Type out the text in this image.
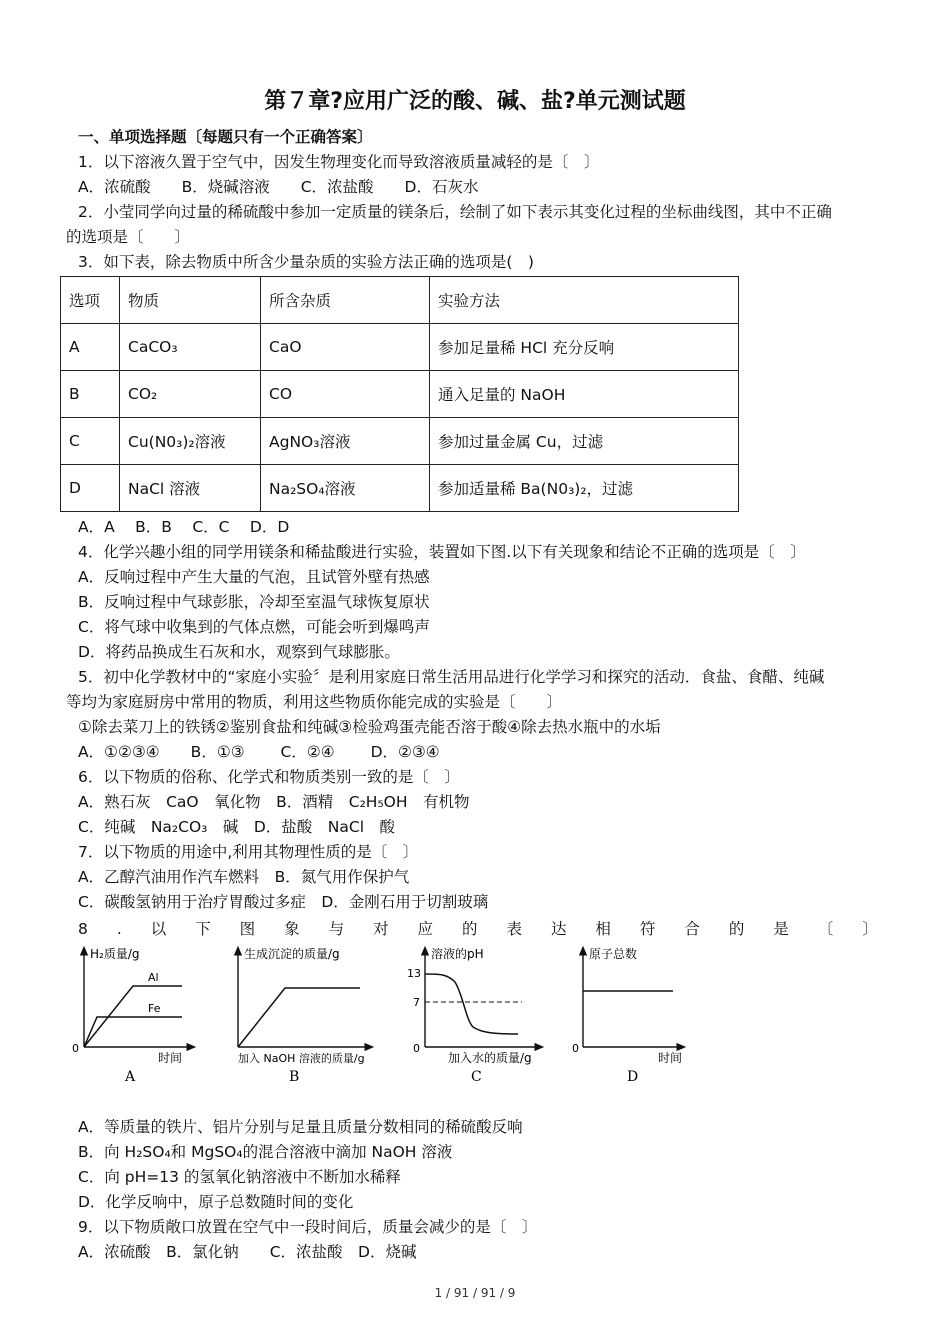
第７章?应用广泛的酸、碱、盐?单元测试题
一、单项选择题〔每题只有一个正确答案〕
1．以下溶液久置于空气中，因发生物理变化而导致溶液质量减轻的是〔　〕
A．浓硫酸　　B．烧碱溶液　　C．浓盐酸　　D．石灰水
2．小莹同学向过量的稀硫酸中参加一定质量的镁条后，绘制了如下表示其变化过程的坐标曲线图，其中不正确
的选项是〔　　〕
3．如下表，除去物质中所含少量杂质的实验方法正确的选项是(　)
选项	物质	所含杂质	实验方法
A	CaCO₃	CaO	参加足量稀 HCl 充分反响
B	CO₂	CO	通入足量的 NaOH
C	Cu(N0₃)₂溶液	AgNO₃溶液	参加过量金属 Cu，过滤
D	NaCl 溶液	Na₂SO₄溶液	参加适量稀 Ba(N0₃)₂，过滤
A．A　 B．B　 C．C　 D．D
4．化学兴趣小组的同学用镁条和稀盐酸进行实验，装置如下图.以下有关现象和结论不正确的选项是〔　〕
A．反响过程中产生大量的气泡，且试管外壁有热感
B．反响过程中气球彭胀，冷却至室温气球恢复原状
C．将气球中收集到的气体点燃，可能会听到爆鸣声
D．将药品换成生石灰和水，观察到气球膨胀。
5．初中化学教材中的“家庭小实验〞是利用家庭日常生活用品进行化学学习和探究的活动．食盐、食醋、纯碱
等均为家庭厨房中常用的物质，利用这些物质你能完成的实验是〔　　〕
①除去菜刀上的铁锈②鉴别食盐和纯碱③检验鸡蛋壳能否溶于酸④除去热水瓶中的水垢
A．①②③④　　B．①③　　 C．②④　　 D．②③④
6．以下物质的俗称、化学式和物质类别一致的是〔　〕
A．熟石灰　CaO　氧化物　B．酒精　C₂H₅OH　有机物
C．纯碱　Na₂CO₃　碱　D．盐酸　NaCl　酸
7．以下物质的用途中,利用其物理性质的是〔　〕
A．乙醇汽油用作汽车燃料　B．氮气用作保护气
C．碳酸氢钠用于治疗胃酸过多症　D．金刚石用于切割玻璃
8 . 以 下 图 象 与 对 应 的 表 达 相 符 合 的 是 〔 〕
H₂质量/g
0
时间
Al
Fe
A
生成沉淀的质量/g
加入 NaOH 溶液的质量/g
B
溶液的pH
13
7
0
加入水的质量/g
C
原子总数
0
时间
D
A．等质量的铁片、铝片分别与足量且质量分数相同的稀硫酸反响
B．向 H₂SO₄和 MgSO₄的混合溶液中滴加 NaOH 溶液
C．向 pH=13 的氢氧化钠溶液中不断加水稀释
D．化学反响中，原子总数随时间的变化
9．以下物质敞口放置在空气中一段时间后，质量会减少的是〔　〕
A．浓硫酸　B．氯化钠　　C．浓盐酸　D．烧碱
1 / 91 / 91 / 9
